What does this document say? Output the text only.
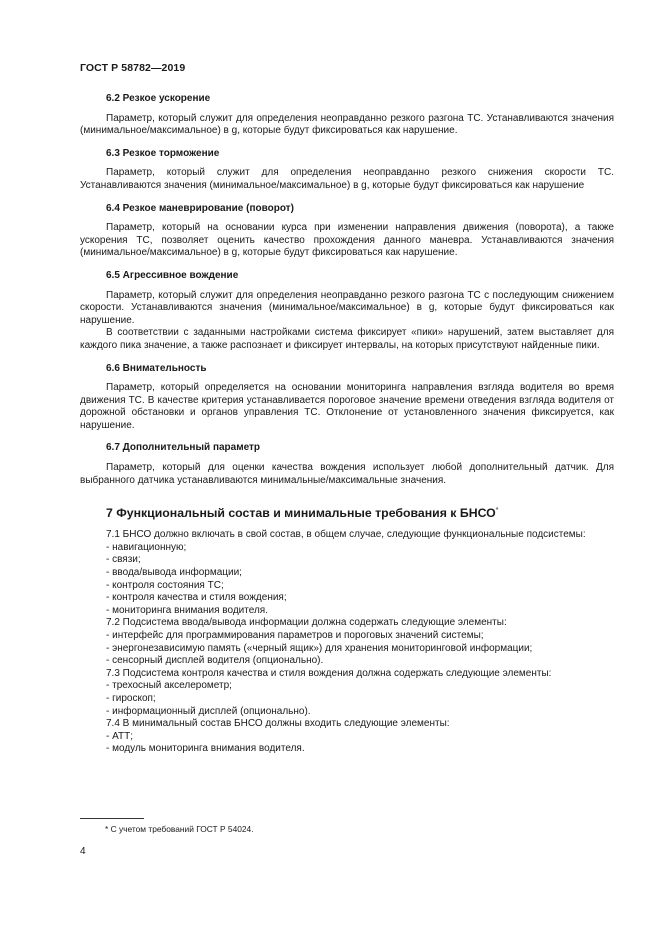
ГОСТ Р 58782—2019
6.2 Резкое ускорение

Параметр, который служит для определения неоправданно резкого разгона ТС. Устанавливаются значения (минимальное/максимальное) в g, которые будут фиксироваться как нарушение.

6.3 Резкое торможение

Параметр, который служит для определения неоправданно резкого снижения скорости ТС. Устанавливаются значения (минимальное/максимальное) в g, которые будут фиксироваться как нарушение

6.4 Резкое маневрирование (поворот)

Параметр, который на основании курса при изменении направления движения (поворота), а также ускорения ТС, позволяет оценить качество прохождения данного маневра. Устанавливаются значения (минимальное/максимальное) в g, которые будут фиксироваться как нарушение.

6.5 Агрессивное вождение

Параметр, который служит для определения неоправданно резкого разгона ТС с последующим снижением скорости. Устанавливаются значения (минимальное/максимальное) в g, которые будут фиксироваться как нарушение.

В соответствии с заданными настройками система фиксирует «пики» нарушений, затем выставляет для каждого пика значение, а также распознает и фиксирует интервалы, на которых присутствуют найденные пики.

6.6 Внимательность

Параметр, который определяется на основании мониторинга направления взгляда водителя во время движения ТС. В качестве критерия устанавливается пороговое значение времени отведения взгляда водителя от дорожной обстановки и органов управления ТС. Отклонение от установленного значения фиксируется, как нарушение.

6.7 Дополнительный параметр

Параметр, который для оценки качества вождения использует любой дополнительный датчик. Для выбранного датчика устанавливаются минимальные/максимальные значения.

7 Функциональный состав и минимальные требования к БНСО*
7.1 БНСО должно включать в свой состав, в общем случае, следующие функциональные подсистемы:
- навигационную;
- связи;
- ввода/вывода информации;
- контроля состояния ТС;
- контроля качества и стиля вождения;
- мониторинга внимания водителя.
7.2 Подсистема ввода/вывода информации должна содержать следующие элементы:
- интерфейс для программирования параметров и пороговых значений системы;
- энергонезависимую память («черный ящик») для хранения мониторинговой информации;
- сенсорный дисплей водителя (опционально).
7.3 Подсистема контроля качества и стиля вождения должна содержать следующие элементы:
- трехосный акселерометр;
- гироскоп;
- информационный дисплей (опционально).
7.4 В минимальный состав БНСО должны входить следующие элементы:
- АТТ;
- модуль мониторинга внимания водителя.
* С учетом требований ГОСТ Р 54024.
4
